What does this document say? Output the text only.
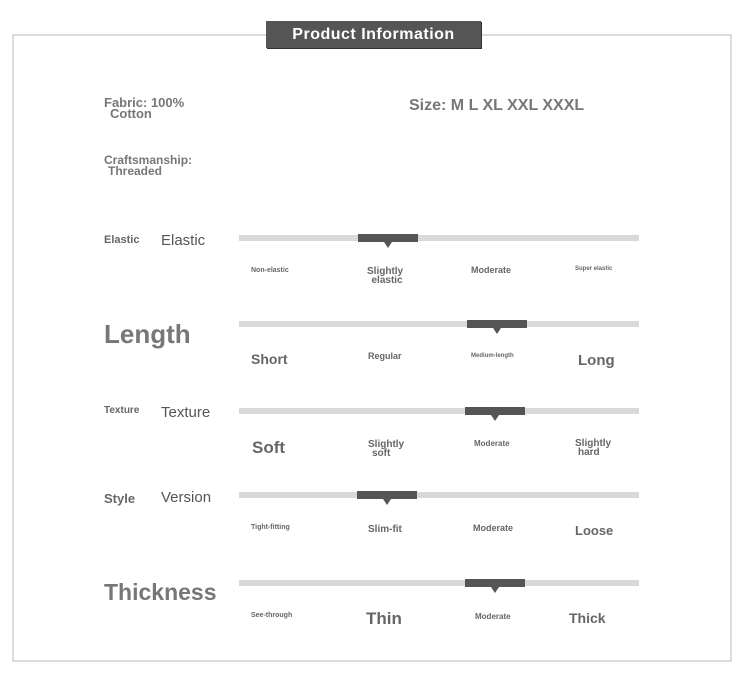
Product Information
Fabric: 100%
Cotton	Size: M L XL XXL XXXL
Craftsmanship:
Threaded
Elastic Elastic
Non-elastic	Slightly
elastic
Moderate	Super elastic
Length
Short	Regular	Medium-length	Long
Texture Texture
Soft	Slightly
soft
Moderate	Slightly
hard
Style Version
Tight-fitting	Slim-fit	Moderate	Loose
Thickness
See-through	Thin	Moderate	Thick
